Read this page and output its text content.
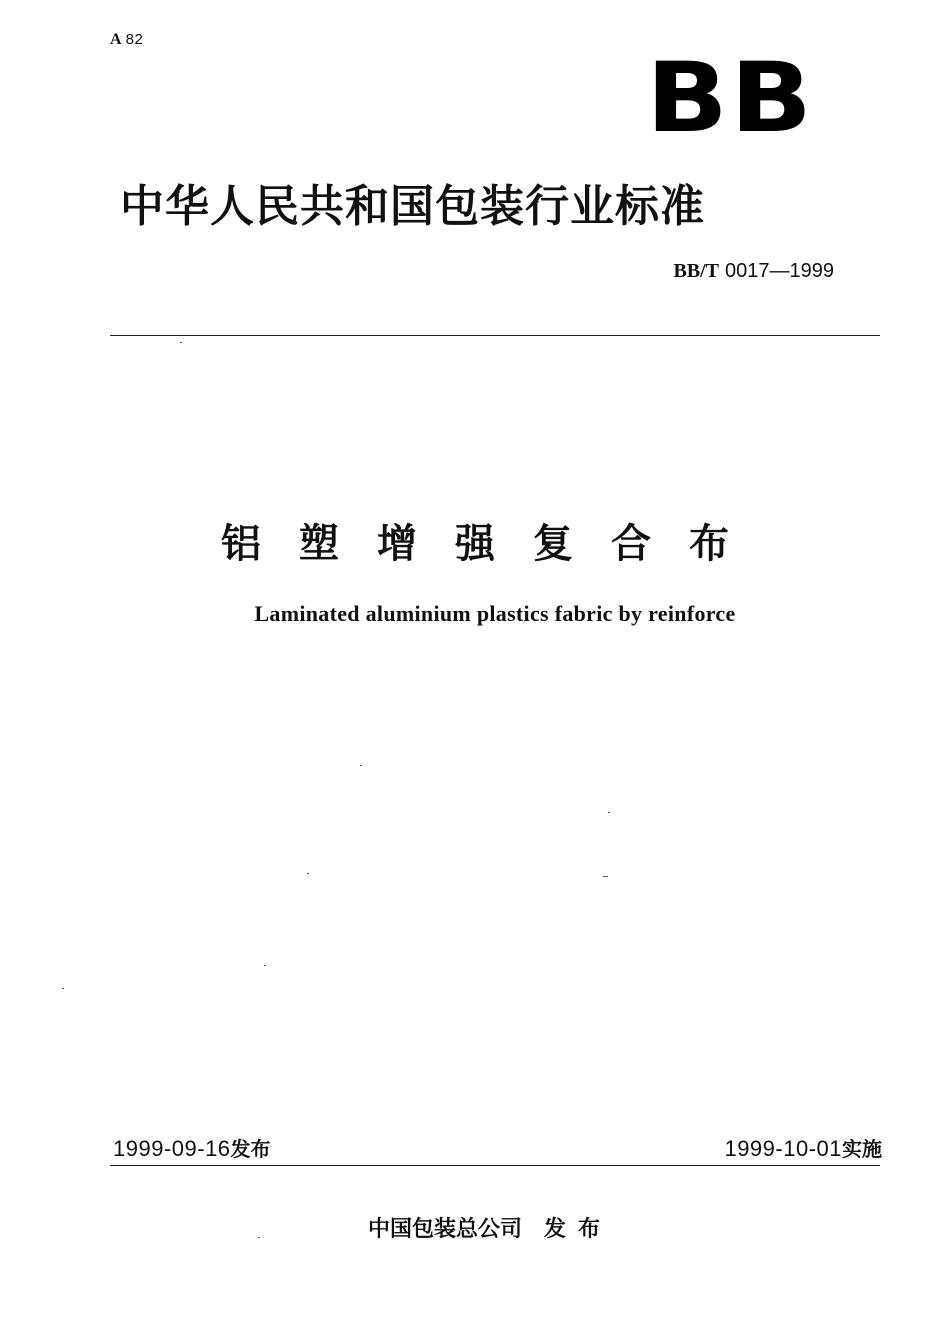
A 82
BB
中华人民共和国包装行业标准
BB/T 0017—1999
铝塑增强复合布
Laminated aluminium plastics fabric by reinforce
1999-09-16发布	1999-10-01实施
中国包装总公司 发布
